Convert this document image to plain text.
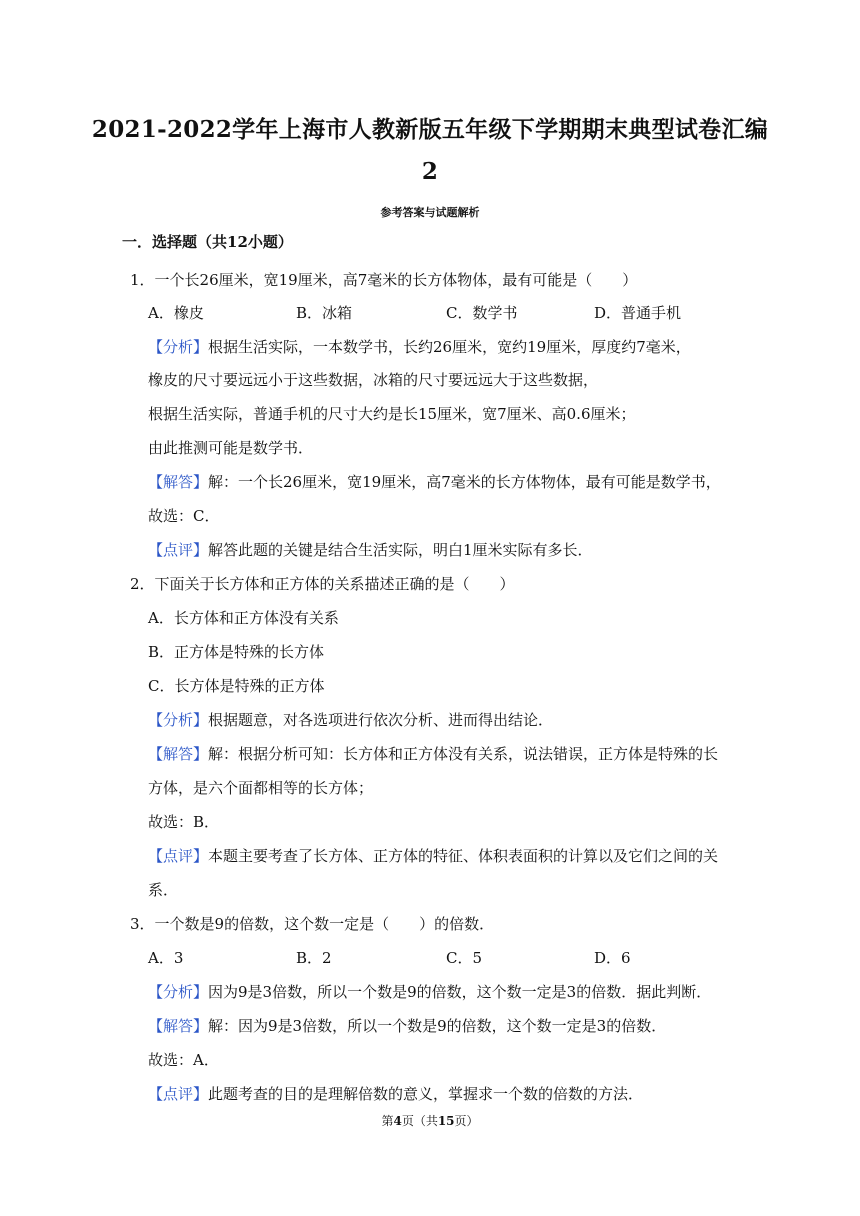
2021-2022学年上海市人教新版五年级下学期期末典型试卷汇编
2
参考答案与试题解析
一．选择题（共12小题）
1．一个长26厘米，宽19厘米，高7毫米的长方体物体，最有可能是（　　）
A．橡皮	B．冰箱	C．数学书	D．普通手机
【分析】根据生活实际，一本数学书，长约26厘米，宽约19厘米，厚度约7毫米，
橡皮的尺寸要远远小于这些数据，冰箱的尺寸要远远大于这些数据，
根据生活实际，普通手机的尺寸大约是长15厘米，宽7厘米、高0.6厘米；
由此推测可能是数学书．
【解答】解：一个长26厘米，宽19厘米，高7毫米的长方体物体，最有可能是数学书，
故选：C．
【点评】解答此题的关键是结合生活实际，明白1厘米实际有多长．
2．下面关于长方体和正方体的关系描述正确的是（　　）
A．长方体和正方体没有关系
B．正方体是特殊的长方体
C．长方体是特殊的正方体
【分析】根据题意，对各选项进行依次分析、进而得出结论．
【解答】解：根据分析可知：长方体和正方体没有关系，说法错误，正方体是特殊的长
方体，是六个面都相等的长方体；
故选：B．
【点评】本题主要考查了长方体、正方体的特征、体积表面积的计算以及它们之间的关
系．
3．一个数是9的倍数，这个数一定是（　　）的倍数．
A．3	B．2	C．5	D．6
【分析】因为9是3倍数，所以一个数是9的倍数，这个数一定是3的倍数．据此判断．
【解答】解：因为9是3倍数，所以一个数是9的倍数，这个数一定是3的倍数．
故选：A．
【点评】此题考查的目的是理解倍数的意义，掌握求一个数的倍数的方法．
第4页（共15页）
